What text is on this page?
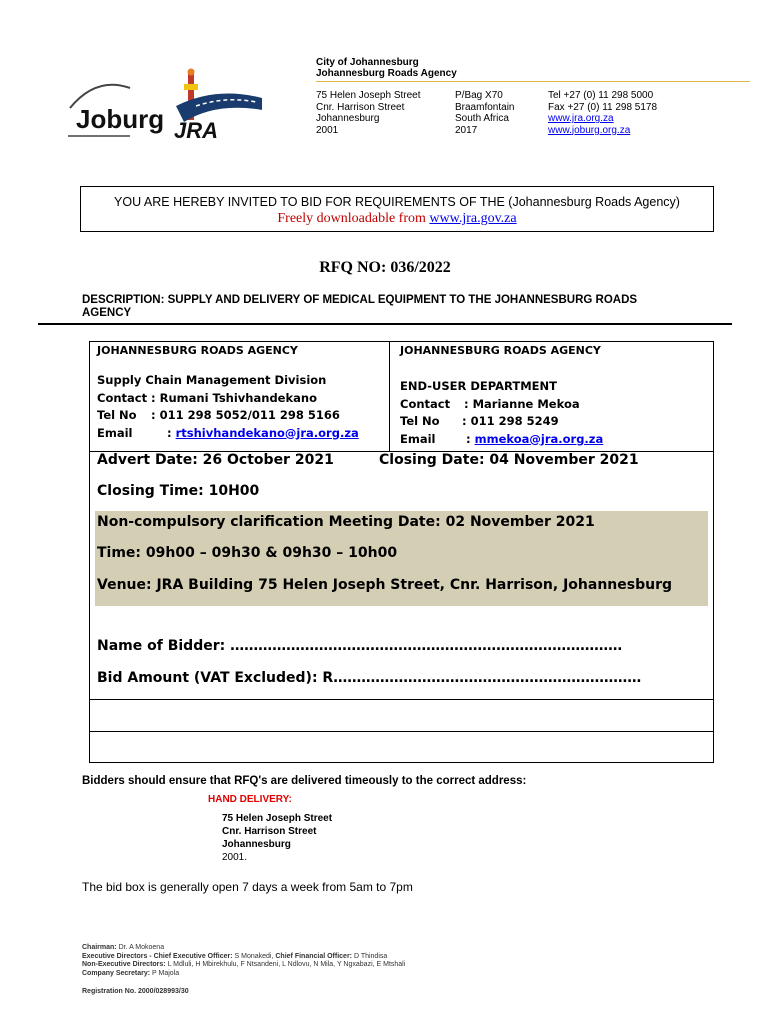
Joburg JRA
City of Johannesburg
Johannesburg Roads Agency
75 Helen Joseph Street
Cnr. Harrison Street
Johannesburg
2001
P/Bag X70
Braamfontain
South Africa
2017
Tel +27 (0) 11 298 5000
Fax +27 (0) 11 298 5178
www.jra.org.za
www.joburg.org.za
YOU ARE HEREBY INVITED TO BID FOR REQUIREMENTS OF THE (Johannesburg Roads Agency)
Freely downloadable from www.jra.gov.za
RFQ NO: 036/2022
DESCRIPTION: SUPPLY AND DELIVERY OF MEDICAL EQUIPMENT TO THE JOHANNESBURG ROADS AGENCY
JOHANNESBURG ROADS AGENCY	JOHANNESBURG ROADS AGENCY
Supply Chain Management Division
Contact : Rumani Tshivhandekano
Tel No : 011 298 5052/011 298 5166
Email	: rtshivhandekano@jra.org.za
END-USER DEPARTMENT
Contact : Marianne Mekoa
Tel No : 011 298 5249
Email	: mmekoa@jra.org.za
Advert Date: 26 October 2021	Closing Date: 04 November 2021
Closing Time: 10H00
Non-compulsory clarification Meeting Date: 02 November 2021
Time: 09h00 – 09h30 & 09h30 – 10h00
Venue: JRA Building 75 Helen Joseph Street, Cnr. Harrison, Johannesburg
Name of Bidder: …………………………………………………………………………
Bid Amount (VAT Excluded): R…………………………………………………………
Bidders should ensure that RFQ's are delivered timeously to the correct address:
HAND DELIVERY:
75 Helen Joseph Street
Cnr. Harrison Street
Johannesburg
2001.
The bid box is generally open 7 days a week from 5am to 7pm
Chairman: Dr. A Mokoena
Executive Directors - Chief Executive Officer: S Monakedi, Chief Financial Officer: D Thindisa
Non-Executive Directors: L Mdluli, H Mbirekhulu, F Ntsandeni, L Ndlovu, N Mila, Y Ngxabazi, E Mtshali
Company Secretary: P Majola
Registration No. 2000/028993/30
